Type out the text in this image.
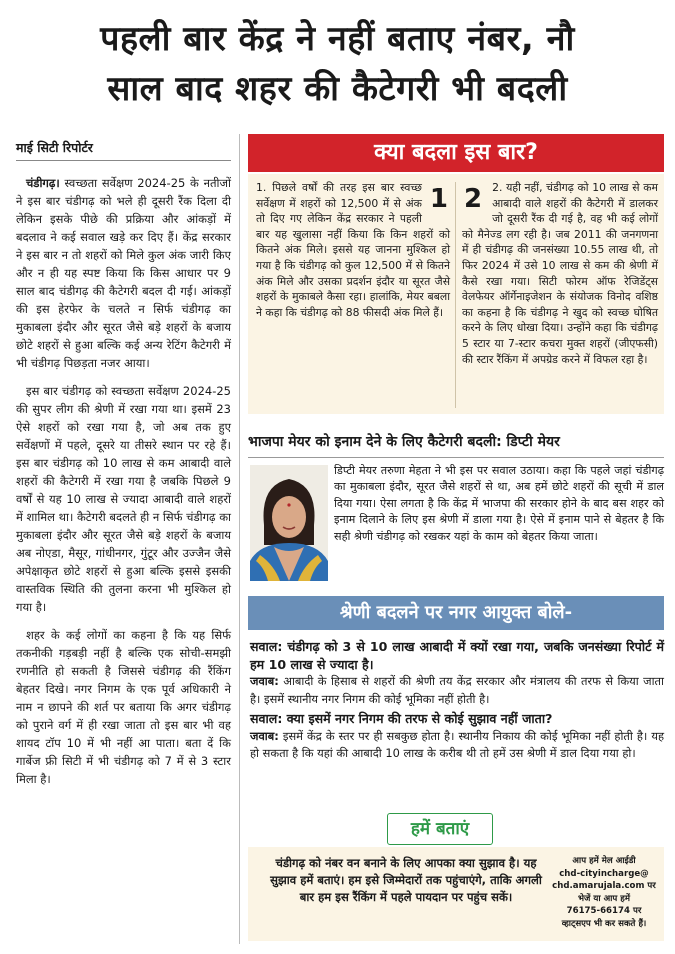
पहली बार केंद्र ने नहीं बताए नंबर, नौ
साल बाद शहर की कैटेगरी भी बदली
माई सिटी रिपोर्टर

चंडीगढ़। स्वच्छता सर्वेक्षण 2024-25 के नतीजों ने इस बार चंडीगढ़ को भले ही दूसरी रैंक दिला दी लेकिन इसके पीछे की प्रक्रिया और आंकड़ों में बदलाव ने कई सवाल खड़े कर दिए हैं। केंद्र सरकार ने इस बार न तो शहरों को मिले कुल अंक जारी किए और न ही यह स्पष्ट किया कि किस आधार पर 9 साल बाद चंडीगढ़ की कैटेगरी बदल दी गई। आंकड़ों की इस हेरफेर के चलते न सिर्फ चंडीगढ़ का मुकाबला इंदौर और सूरत जैसे बड़े शहरों के बजाय छोटे शहरों से हुआ बल्कि कई अन्य रेटिंग कैटेगरी में भी चंडीगढ़ पिछड़ता नजर आया।

इस बार चंडीगढ़ को स्वच्छता सर्वेक्षण 2024-25 की सुपर लीग की श्रेणी में रखा गया था। इसमें 23 ऐसे शहरों को रखा गया है, जो अब तक हुए सर्वेक्षणों में पहले, दूसरे या तीसरे स्थान पर रहे हैं। इस बार चंडीगढ़ को 10 लाख से कम आबादी वाले शहरों की कैटेगरी में रखा गया है जबकि पिछले 9 वर्षों से यह 10 लाख से ज्यादा आबादी वाले शहरों में शामिल था। कैटेगरी बदलते ही न सिर्फ चंडीगढ़ का मुकाबला इंदौर और सूरत जैसे बड़े शहरों के बजाय अब नोएडा, मैसूर, गांधीनगर, गुंटूर और उज्जैन जैसे अपेक्षाकृत छोटे शहरों से हुआ बल्कि इससे इसकी वास्तविक स्थिति की तुलना करना भी मुश्किल हो गया है।

शहर के कई लोगों का कहना है कि यह सिर्फ तकनीकी गड़बड़ी नहीं है बल्कि एक सोची-समझी रणनीति हो सकती है जिससे चंडीगढ़ की रैंकिंग बेहतर दिखे। नगर निगम के एक पूर्व अधिकारी ने नाम न छापने की शर्त पर बताया कि अगर चंडीगढ़ को पुराने वर्ग में ही रखा जाता तो इस बार भी वह शायद टॉप 10 में भी नहीं आ पाता। बता दें कि गार्बेज फ्री सिटी में भी चंडीगढ़ को 7 में से 3 स्टार मिला है।

क्या बदला इस बार?
1
1. पिछले वर्षों की तरह इस बार स्वच्छ सर्वेक्षण में शहरों को 12,500 में से अंक तो दिए गए लेकिन केंद्र सरकार ने पहली बार यह खुलासा नहीं किया कि किन शहरों को कितने अंक मिले। इससे यह जानना मुश्किल हो गया है कि चंडीगढ़ को कुल 12,500 में से कितने अंक मिले और उसका प्रदर्शन इंदौर या सूरत जैसे शहरों के मुकाबले कैसा रहा। हालांकि, मेयर बबला ने कहा कि चंडीगढ़ को 88 फीसदी अंक मिले हैं।
2 2. यही नहीं, चंडीगढ़ को 10 लाख से कम आबादी वाले शहरों की कैटेगरी में डालकर जो दूसरी रैंक दी गई है, वह भी कई लोगों को मैनेज्ड लग रही है। जब 2011 की जनगणना में ही चंडीगढ़ की जनसंख्या 10.55 लाख थी, तो फिर 2024 में उसे 10 लाख से कम की श्रेणी में कैसे रखा गया। सिटी फोरम ऑफ रेजिडेंट्स वेलफेयर ऑर्गेनाइजेशन के संयोजक विनोद वशिष्ठ का कहना है कि चंडीगढ़ ने खुद को स्वच्छ घोषित करने के लिए धोखा दिया। उन्होंने कहा कि चंडीगढ़ 5 स्टार या 7-स्टार कचरा मुक्त शहरों (जीएफसी) की स्टार रैंकिंग में अपग्रेड करने में विफल रहा है।
भाजपा मेयर को इनाम देने के लिए कैटेगरी बदली: डिप्टी मेयर
डिप्टी मेयर तरुणा मेहता ने भी इस पर सवाल उठाया। कहा कि पहले जहां चंडीगढ़ का मुकाबला इंदौर, सूरत जैसे शहरों से था, अब हमें छोटे शहरों की सूची में डाल दिया गया। ऐसा लगता है कि केंद्र में भाजपा की सरकार होने के बाद बस शहर को इनाम दिलाने के लिए इस श्रेणी में डाला गया है। ऐसे में इनाम पाने से बेहतर है कि सही श्रेणी चंडीगढ़ को रखकर यहां के काम को बेहतर किया जाता।
श्रेणी बदलने पर नगर आयुक्त बोले-

सवाल: चंडीगढ़ को 3 से 10 लाख आबादी में क्यों रखा गया, जबकि जनसंख्या रिपोर्ट में हम 10 लाख से ज्यादा है।

जवाब: आबादी के हिसाब से शहरों की श्रेणी तय केंद्र सरकार और मंत्रालय की तरफ से किया जाता है। इसमें स्थानीय नगर निगम की कोई भूमिका नहीं होती है।

सवाल: क्या इसमें नगर निगम की तरफ से कोई सुझाव नहीं जाता?

जवाब: इसमें केंद्र के स्तर पर ही सबकुछ होता है। स्थानीय निकाय की कोई भूमिका नहीं होती है। यह हो सकता है कि यहां की आबादी 10 लाख के करीब थी तो हमें उस श्रेणी में डाल दिया गया हो।

हमें बताएं
चंडीगढ़ को नंबर वन बनाने के लिए आपका क्या सुझाव है। यह सुझाव हमें बताएं। हम इसे जिम्मेदारों तक पहुंचाएंगे, ताकि अगली बार हम इस रैंकिंग में पहले पायदान पर पहुंच सकें।
आप हमें मेल आईडी
chd-cityincharge@
chd.amarujala.com पर
भेजें या आप हमें
76175-66174 पर
व्हाट्सएप भी कर सकते हैं।
